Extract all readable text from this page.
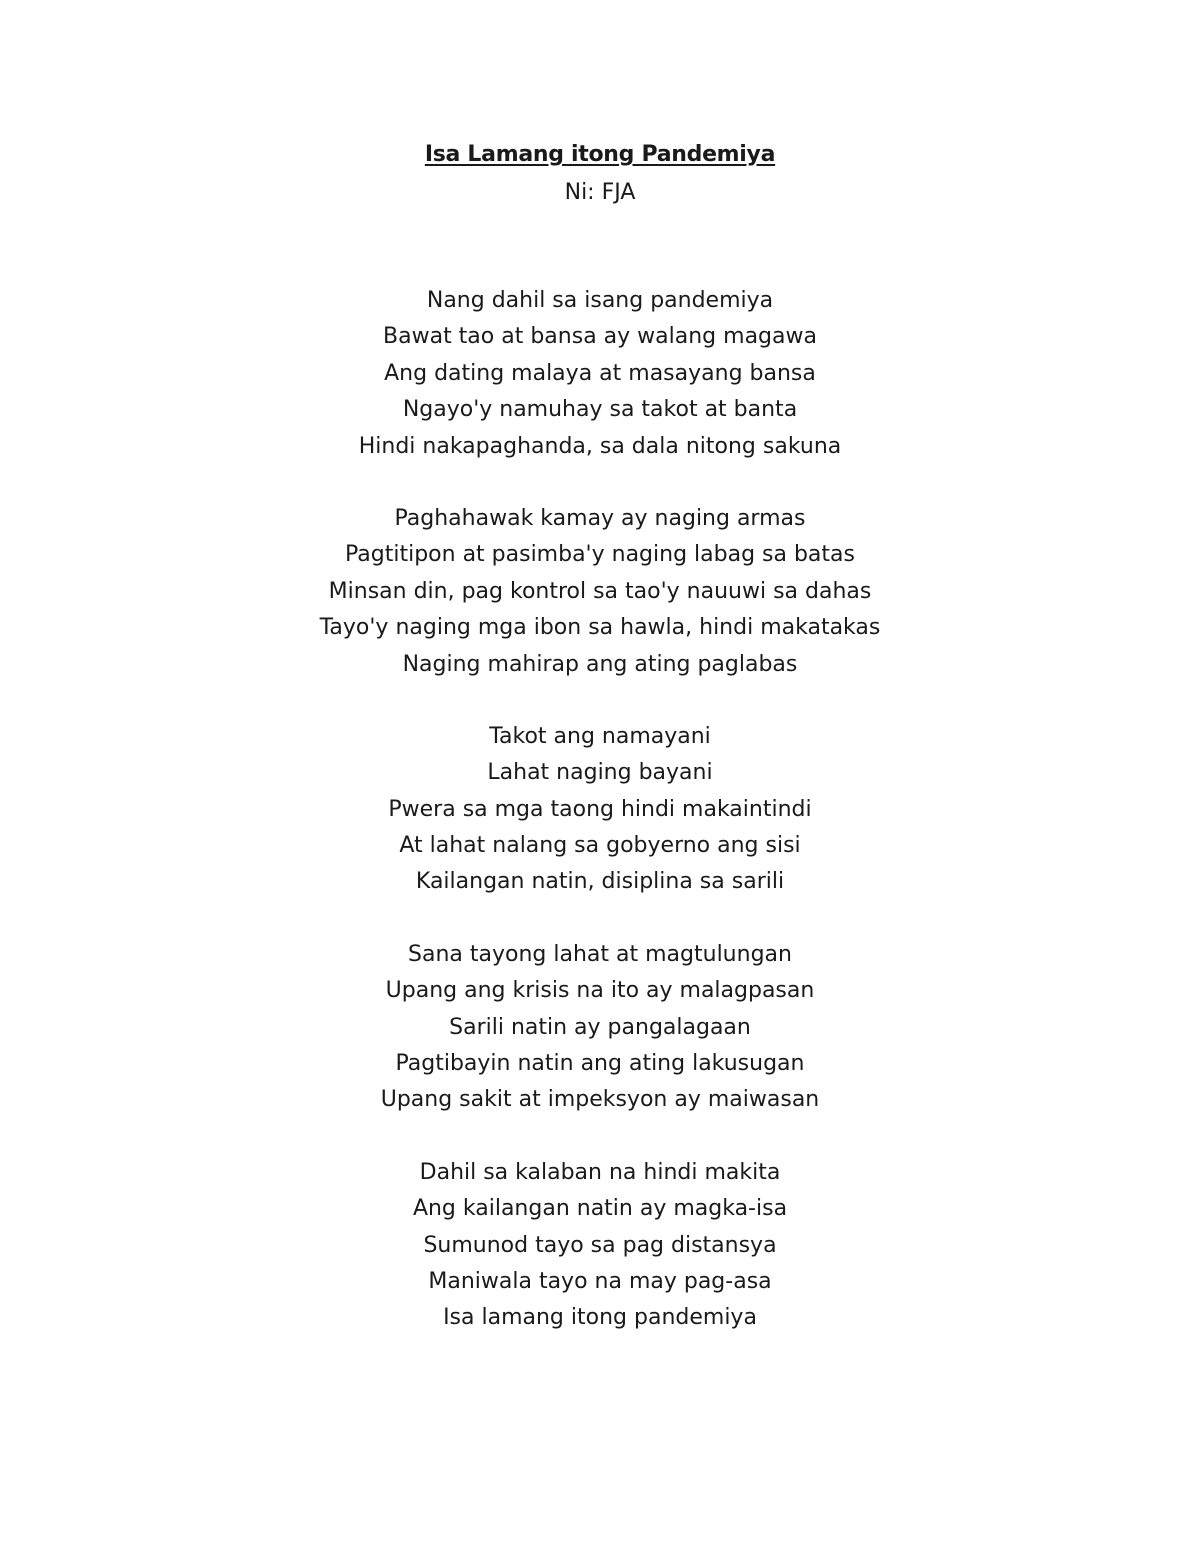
Isa Lamang itong Pandemiya
Ni: FJA
Nang dahil sa isang pandemiya
Bawat tao at bansa ay walang magawa
Ang dating malaya at masayang bansa
Ngayo'y namuhay sa takot at banta
Hindi nakapaghanda, sa dala nitong sakuna
Paghahawak kamay ay naging armas
Pagtitipon at pasimba'y naging labag sa batas
Minsan din, pag kontrol sa tao'y nauuwi sa dahas
Tayo'y naging mga ibon sa hawla, hindi makatakas
Naging mahirap ang ating paglabas
Takot ang namayani
Lahat naging bayani
Pwera sa mga taong hindi makaintindi
At lahat nalang sa gobyerno ang sisi
Kailangan natin, disiplina sa sarili
Sana tayong lahat at magtulungan
Upang ang krisis na ito ay malagpasan
Sarili natin ay pangalagaan
Pagtibayin natin ang ating lakusugan
Upang sakit at impeksyon ay maiwasan
Dahil sa kalaban na hindi makita
Ang kailangan natin ay magka-isa
Sumunod tayo sa pag distansya
Maniwala tayo na may pag-asa
Isa lamang itong pandemiya
